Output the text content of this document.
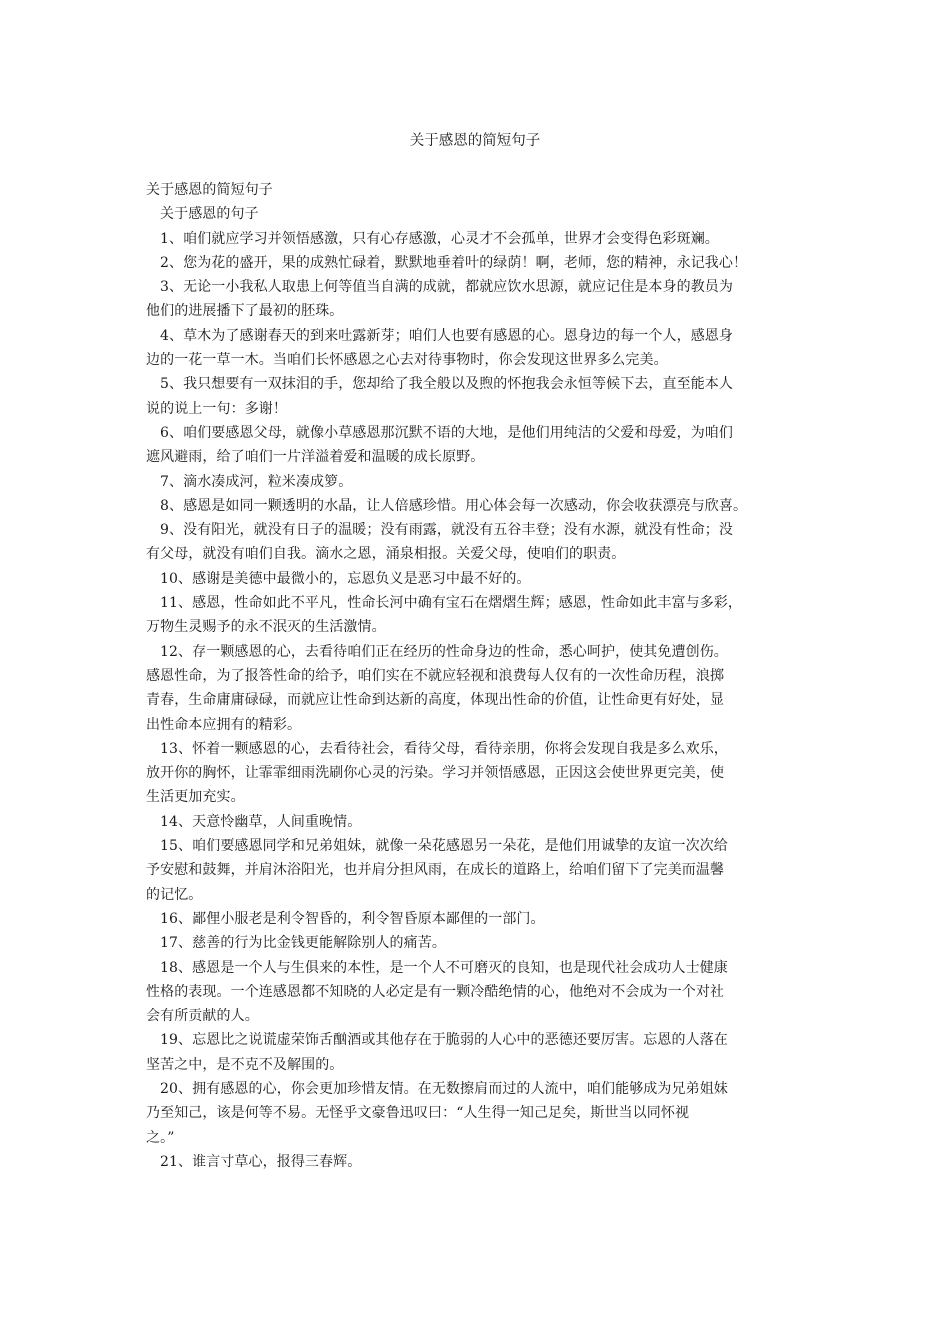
关于感恩的简短句子

关于感恩的简短句子

关于感恩的句子

1、咱们就应学习并领悟感激，只有心存感激，心灵才不会孤单，世界才会变得色彩斑斓。

2、您为花的盛开，果的成熟忙碌着，默默地垂着叶的绿荫！啊，老师，您的精神，永记我心！

3、无论一小我私人取患上何等值当自满的成就，都就应饮水思源，就应记住是本身的教员为

他们的进展播下了最初的胚珠。

4、草木为了感谢春天的到来吐露新芽；咱们人也要有感恩的心。恩身边的每一个人，感恩身

边的一花一草一木。当咱们长怀感恩之心去对待事物时，你会发现这世界多么完美。

5、我只想要有一双抹泪的手，您却给了我全般以及煦的怀抱我会永恒等候下去，直至能本人

说的说上一句：多谢！

6、咱们要感恩父母，就像小草感恩那沉默不语的大地，是他们用纯洁的父爱和母爱，为咱们

遮风避雨，给了咱们一片洋溢着爱和温暖的成长原野。

7、滴水凑成河，粒米凑成箩。

8、感恩是如同一颗透明的水晶，让人倍感珍惜。用心体会每一次感动，你会收获漂亮与欣喜。

9、没有阳光，就没有日子的温暖；没有雨露，就没有五谷丰登；没有水源，就没有性命；没

有父母，就没有咱们自我。滴水之恩，涌泉相报。关爱父母，使咱们的职责。

10、感谢是美德中最微小的，忘恩负义是恶习中最不好的。

11、感恩，性命如此不平凡，性命长河中确有宝石在熠熠生辉；感恩，性命如此丰富与多彩，

万物生灵赐予的永不泯灭的生活激情。

12、存一颗感恩的心，去看待咱们正在经历的性命身边的性命，悉心呵护，使其免遭创伤。

感恩性命，为了报答性命的给予，咱们实在不就应轻视和浪费每人仅有的一次性命历程，浪掷

青春，生命庸庸碌碌，而就应让性命到达新的高度，体现出性命的价值，让性命更有好处，显

出性命本应拥有的精彩。

13、怀着一颗感恩的心，去看待社会，看待父母，看待亲朋，你将会发现自我是多么欢乐，

放开你的胸怀，让霏霏细雨洗刷你心灵的污染。学习并领悟感恩，正因这会使世界更完美，使

生活更加充实。

14、天意怜幽草，人间重晚情。

15、咱们要感恩同学和兄弟姐妹，就像一朵花感恩另一朵花，是他们用诚挚的友谊一次次给

予安慰和鼓舞，并肩沐浴阳光，也并肩分担风雨，在成长的道路上，给咱们留下了完美而温馨

的记忆。

16、鄙俚小服老是利令智昏的，利令智昏原本鄙俚的一部门。

17、慈善的行为比金钱更能解除别人的痛苦。

18、感恩是一个人与生俱来的本性，是一个人不可磨灭的良知，也是现代社会成功人士健康

性格的表现。一个连感恩都不知晓的人必定是有一颗冷酷绝情的心，他绝对不会成为一个对社

会有所贡献的人。

19、忘恩比之说谎虚荣饰舌酗酒或其他存在于脆弱的人心中的恶德还要厉害。忘恩的人落在

坚苦之中，是不克不及解围的。

20、拥有感恩的心，你会更加珍惜友情。在无数擦肩而过的人流中，咱们能够成为兄弟姐妹

乃至知己，该是何等不易。无怪乎文豪鲁迅叹曰：“人生得一知己足矣，斯世当以同怀视

之。”

21、谁言寸草心，报得三春辉。
